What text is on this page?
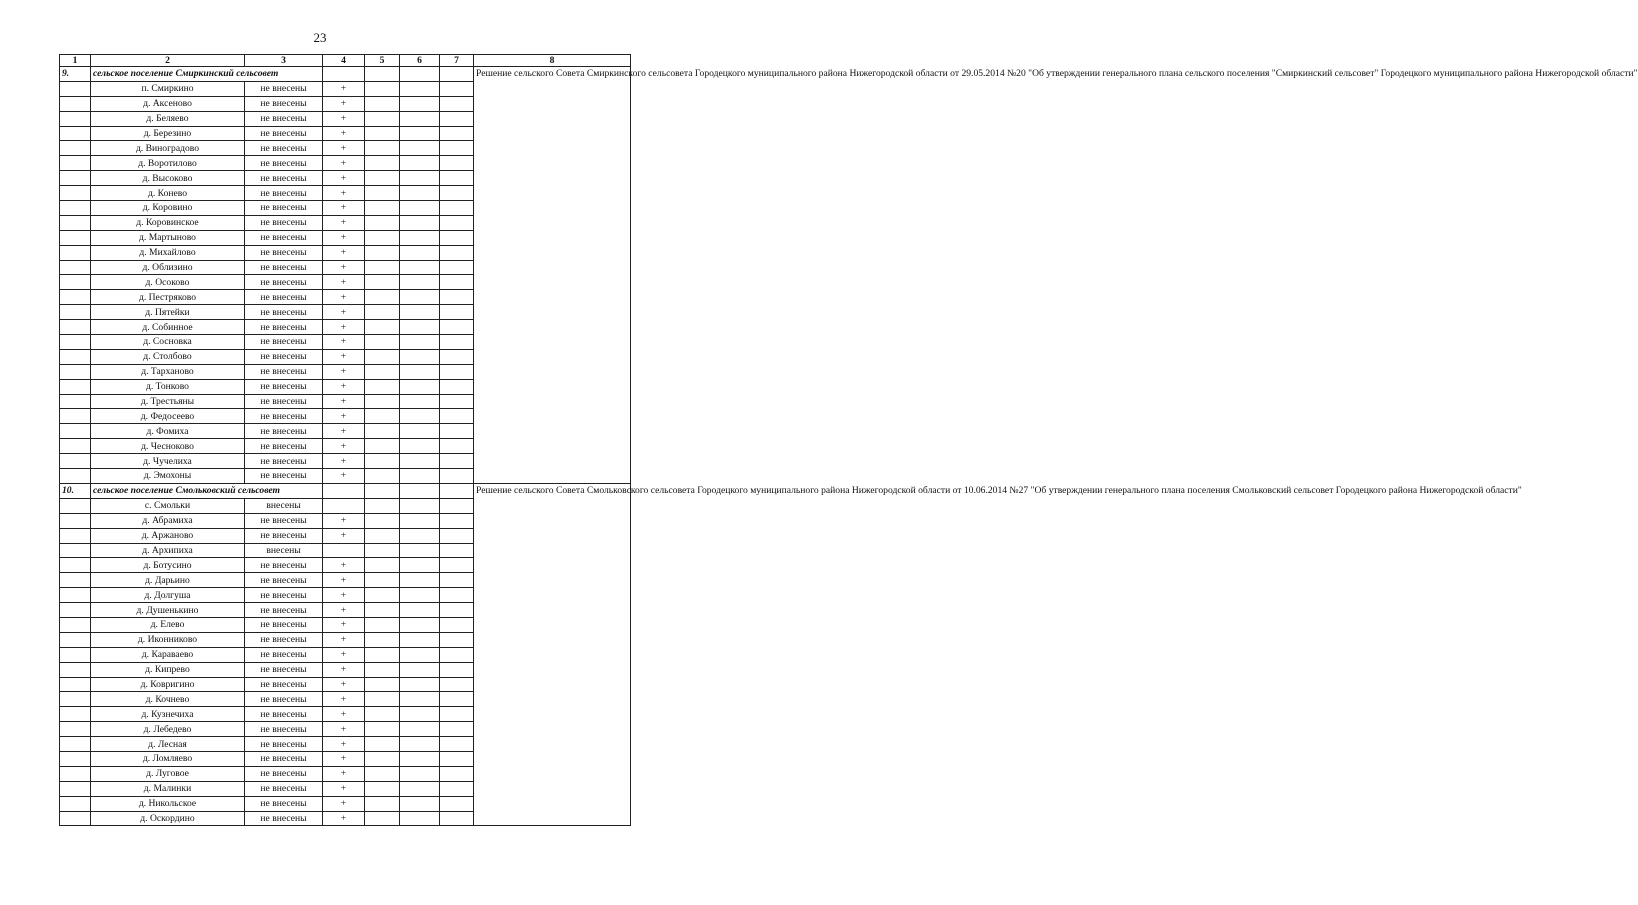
23
1	2	3	4	5	6	7	8
9.	сельское поселение Смиркинский сельсовет						Решение сельского Совета Смиркинского сельсовета Городецкого муниципального района Нижегородской области от 29.05.2014 №20 "Об утверждении генерального плана сельского поселения "Смиркинский сельсовет" Городецкого муниципального района Нижегородской области"

	п. Смиркино	не внесены	+				
	д. Аксеново	не внесены	+				
	д. Беляево	не внесены	+				
	д. Березино	не внесены	+				
	д. Виноградово	не внесены	+				
	д. Воротилово	не внесены	+				
	д. Высоково	не внесены	+				
	д. Конево	не внесены	+				
	д. Коровино	не внесены	+				
	д. Коровинское	не внесены	+				
	д. Мартыново	не внесены	+				
	д. Михайлово	не внесены	+				
	д. Облизино	не внесены	+				
	д. Осоково	не внесены	+				
	д. Пестряково	не внесены	+				
	д. Пятейки	не внесены	+				
	д. Собинное	не внесены	+				
	д. Сосновка	не внесены	+				
	д. Столбово	не внесены	+				
	д. Тарханово	не внесены	+				
	д. Тонково	не внесены	+				
	д. Трестьяны	не внесены	+				
	д. Федосеево	не внесены	+				
	д. Фомиха	не внесены	+				
	д. Чесноково	не внесены	+				
	д. Чучелиха	не внесены	+				
	д. Эмохоны	не внесены	+				
10.	сельское поселение Смольковский сельсовет						Решение сельского Совета Смольковского сельсовета Городецкого муниципального района Нижегородской области от 10.06.2014 №27 "Об утверждении генерального плана поселения Смольковский сельсовет Городецкого района Нижегородской области"

	с. Смольки	внесены					
	д. Абрамиха	не внесены	+				
	д. Аржаново	не внесены	+				
	д. Архипиха	внесены					
	д. Ботусино	не внесены	+				
	д. Дарьино	не внесены	+				
	д. Долгуша	не внесены	+				
	д. Душенькино	не внесены	+				
	д. Елево	не внесены	+				
	д. Иконниково	не внесены	+				
	д. Караваево	не внесены	+				
	д. Кипрево	не внесены	+				
	д. Ковригино	не внесены	+				
	д. Кочнево	не внесены	+				
	д. Кузнечиха	не внесены	+				
	д. Лебедево	не внесены	+				
	д. Лесная	не внесены	+				
	д. Ломляево	не внесены	+				
	д. Луговое	не внесены	+				
	д. Малинки	не внесены	+				
	д. Никольское	не внесены	+				
	д. Оскордино	не внесены	+				
